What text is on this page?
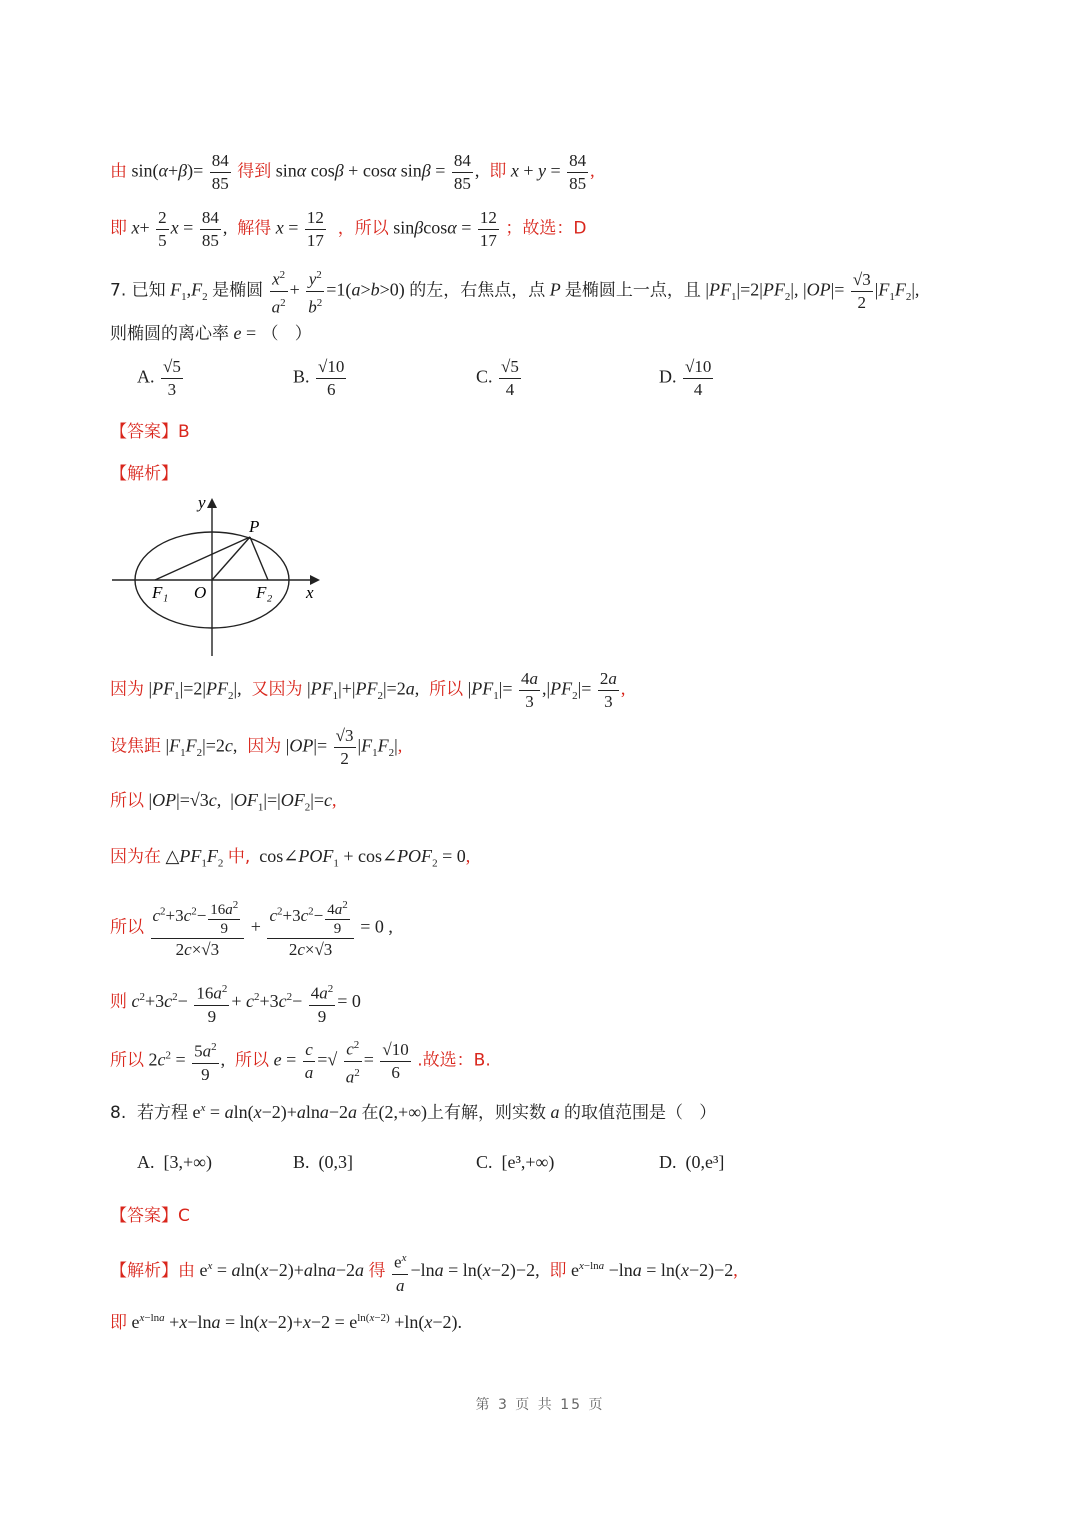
由 $\sin(\alpha+\beta)= \frac{84}{85}$ 得到 sinα cosβ + cosα $\sin\beta = \frac{84}{85}$ ,  即 $x + y = \frac{84}{85}$ ,
即 $x+ \frac{2}{5}$ $x = \frac{84}{85}$ ,  解得 $x = \frac{12}{17}$ ，所以 $\sin\beta\cos\alpha = \frac{12}{17}$ ；故选：D
7. 已知 $F_1,F_2$ 是椭圆 $\frac{x^2}{a^2} + \frac{y^2}{b^2} =1(a>b>0)$ 的左，右焦点，点 P 是椭圆上一点，且 $|PF_1|=2|PF_2|$, $|OP|= \frac{√3}{2} |F_1F_2|$,
则椭圆的离心率 e = （   ）
A. $\frac{√5}{3}$	B. $\frac{√10}{6}$	C. $\frac{√5}{4}$	D. $\frac{√10}{4}$
【答案】B
【解析】
y
x
P
O
F₁	F₂
因为 $|PF_1|=2|PF_2|$,  又因为 $|PF_1|+|PF_2|=2a$,  所以 $|PF_1|= \frac{4a}{3} ,|PF_2|= \frac{2a}{3}$ ,
设焦距 $|F_1F_2|=2c$,  因为 $|OP|= \frac{√3}{2} |F_1F_2|$,
所以 |OP|=√3c,  $|OF_1|=|OF_2|=c$,
因为在 $\triangle PF_1F_2$ 中,  $\cos\angle POF_1$ + $\cos\angle POF_2 = 0$,
所以 $\frac{c^2+3c^2- \frac{16a^2}{9}}{2c\times√3} + \frac{c^2+3c^2- \frac{4a^2}{9}}{2c\times√3} = 0$ ,
则 $c^2+3c^2- \frac{16a^2}{9} + c^2+3c^2- \frac{4a^2}{9} = 0$
所以 $2c^2 = \frac{5a^2}{9}$ ,  所以 $e = \frac{c}{a}$ =√ $\frac{c^2}{a^2} = \frac{√10}{6}$ .故选：B.
8.  若方程 $e^x = aln(x-2)+alna-2a$ 在(2,+∞)上有解，则实数 a 的取值范围是（   ）
A. [3,+∞)	B. (0,3]	C. [e³,+∞)	D. (0,e³]
【答案】C
【解析】由 $e^x = aln(x-2)+alna-2a$ 得 $\frac{e^x}{a} -\ln a = \ln(x-2)-2$,  即 $e^{x-lna} -\ln a = \ln(x-2)-2$,
即 $e^{x-lna} +x-\ln a = \ln(x-2)+x-2 = e^{ln(x-2)} +\ln(x-2)$.
第 3 页 共 15 页
